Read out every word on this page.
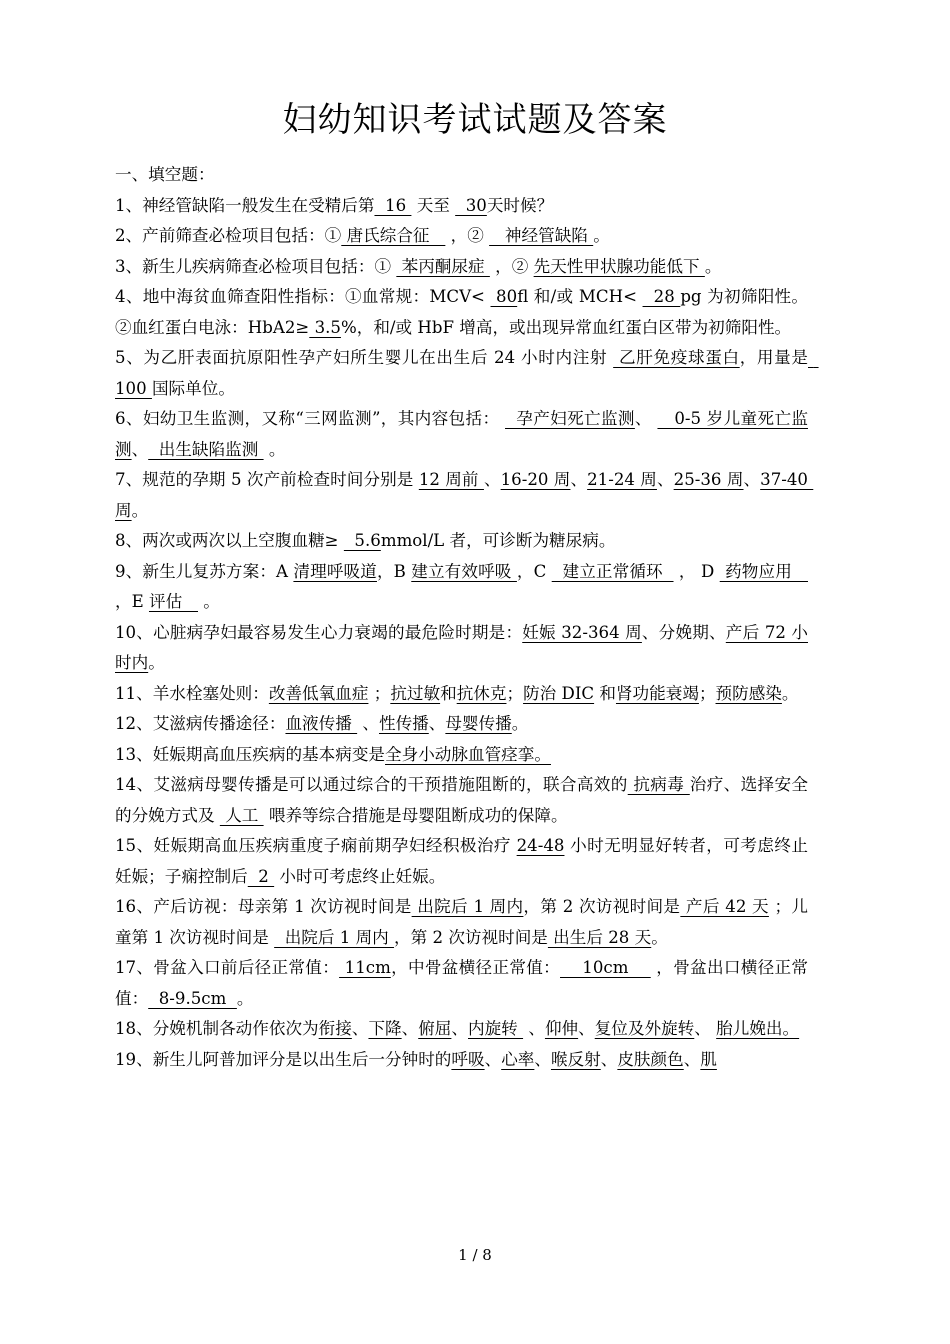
妇幼知识考试试题及答案
一、填空题：
1、神经管缺陷一般发生在受精后第  16  天至   30天时候？
2、产前筛查必检项目包括：① 唐氏综合征    ，②    神经管缺陷 。
3、新生儿疾病筛查必检项目包括：①  苯丙酮尿症  ，② 先天性甲状腺功能低下 。
4、地中海贫血筛查阳性指标：①血常规：MCV<  80fl 和/或 MCH<   28 pg 为初筛阳性。②血红蛋白电泳：HbA2≥ 3.5%，和/或 HbF 增高，或出现异常血红蛋白区带为初筛阳性。
5、为乙肝表面抗原阳性孕产妇所生婴儿在出生后 24 小时内注射  乙肝免疫球蛋白，用量是  100 国际单位。
6、妇幼卫生监测，又称“三网监测”，其内容包括：   孕产妇死亡监测、    0-5 岁儿童死亡监测、  出生缺陷监测  。
7、规范的孕期 5 次产前检查时间分别是 12 周前 、16-20 周、21-24 周、25-36 周、37-40 周。
8、两次或两次以上空腹血糖≥   5.6mmol/L 者，可诊断为糖尿病。
9、新生儿复苏方案：A 清理呼吸道，B 建立有效呼吸 ，C   建立正常循环   ， D  药物应用    ，E 评估    。
10、心脏病孕妇最容易发生心力衰竭的最危险时期是：妊娠 32-364 周、分娩期、产后 72 小时内。
11、羊水栓塞处则：改善低氧血症 ；抗过敏和抗休克；防治 DIC 和肾功能衰竭；预防感染。
12、艾滋病传播途径：血液传播  、性传播、母婴传播。
13、妊娠期高血压疾病的基本病变是全身小动脉血管痉挛。
14、艾滋病母婴传播是可以通过综合的干预措施阻断的，联合高效的 抗病毒 治疗、选择安全的分娩方式及  人工  喂养等综合措施是母婴阻断成功的保障。
15、妊娠期高血压疾病重度子痫前期孕妇经积极治疗 24-48 小时无明显好转者，可考虑终止妊娠；子痫控制后  2  小时可考虑终止妊娠。
16、产后访视：母亲第 1 次访视时间是 出院后 1 周内，第 2 次访视时间是 产后 42 天 ；儿童第 1 次访视时间是   出院后 1 周内 ，第 2 次访视时间是 出生后 28 天。
17、骨盆入口前后径正常值： 11cm，中骨盆横径正常值：    10cm     ，骨盆出口横径正常值：  8-9.5cm  。
18、分娩机制各动作依次为衔接、下降、俯屈、内旋转  、仰伸、复位及外旋转、 胎儿娩出。
19、新生儿阿普加评分是以出生后一分钟时的呼吸、心率、喉反射、皮肤颜色、肌
1 / 8
